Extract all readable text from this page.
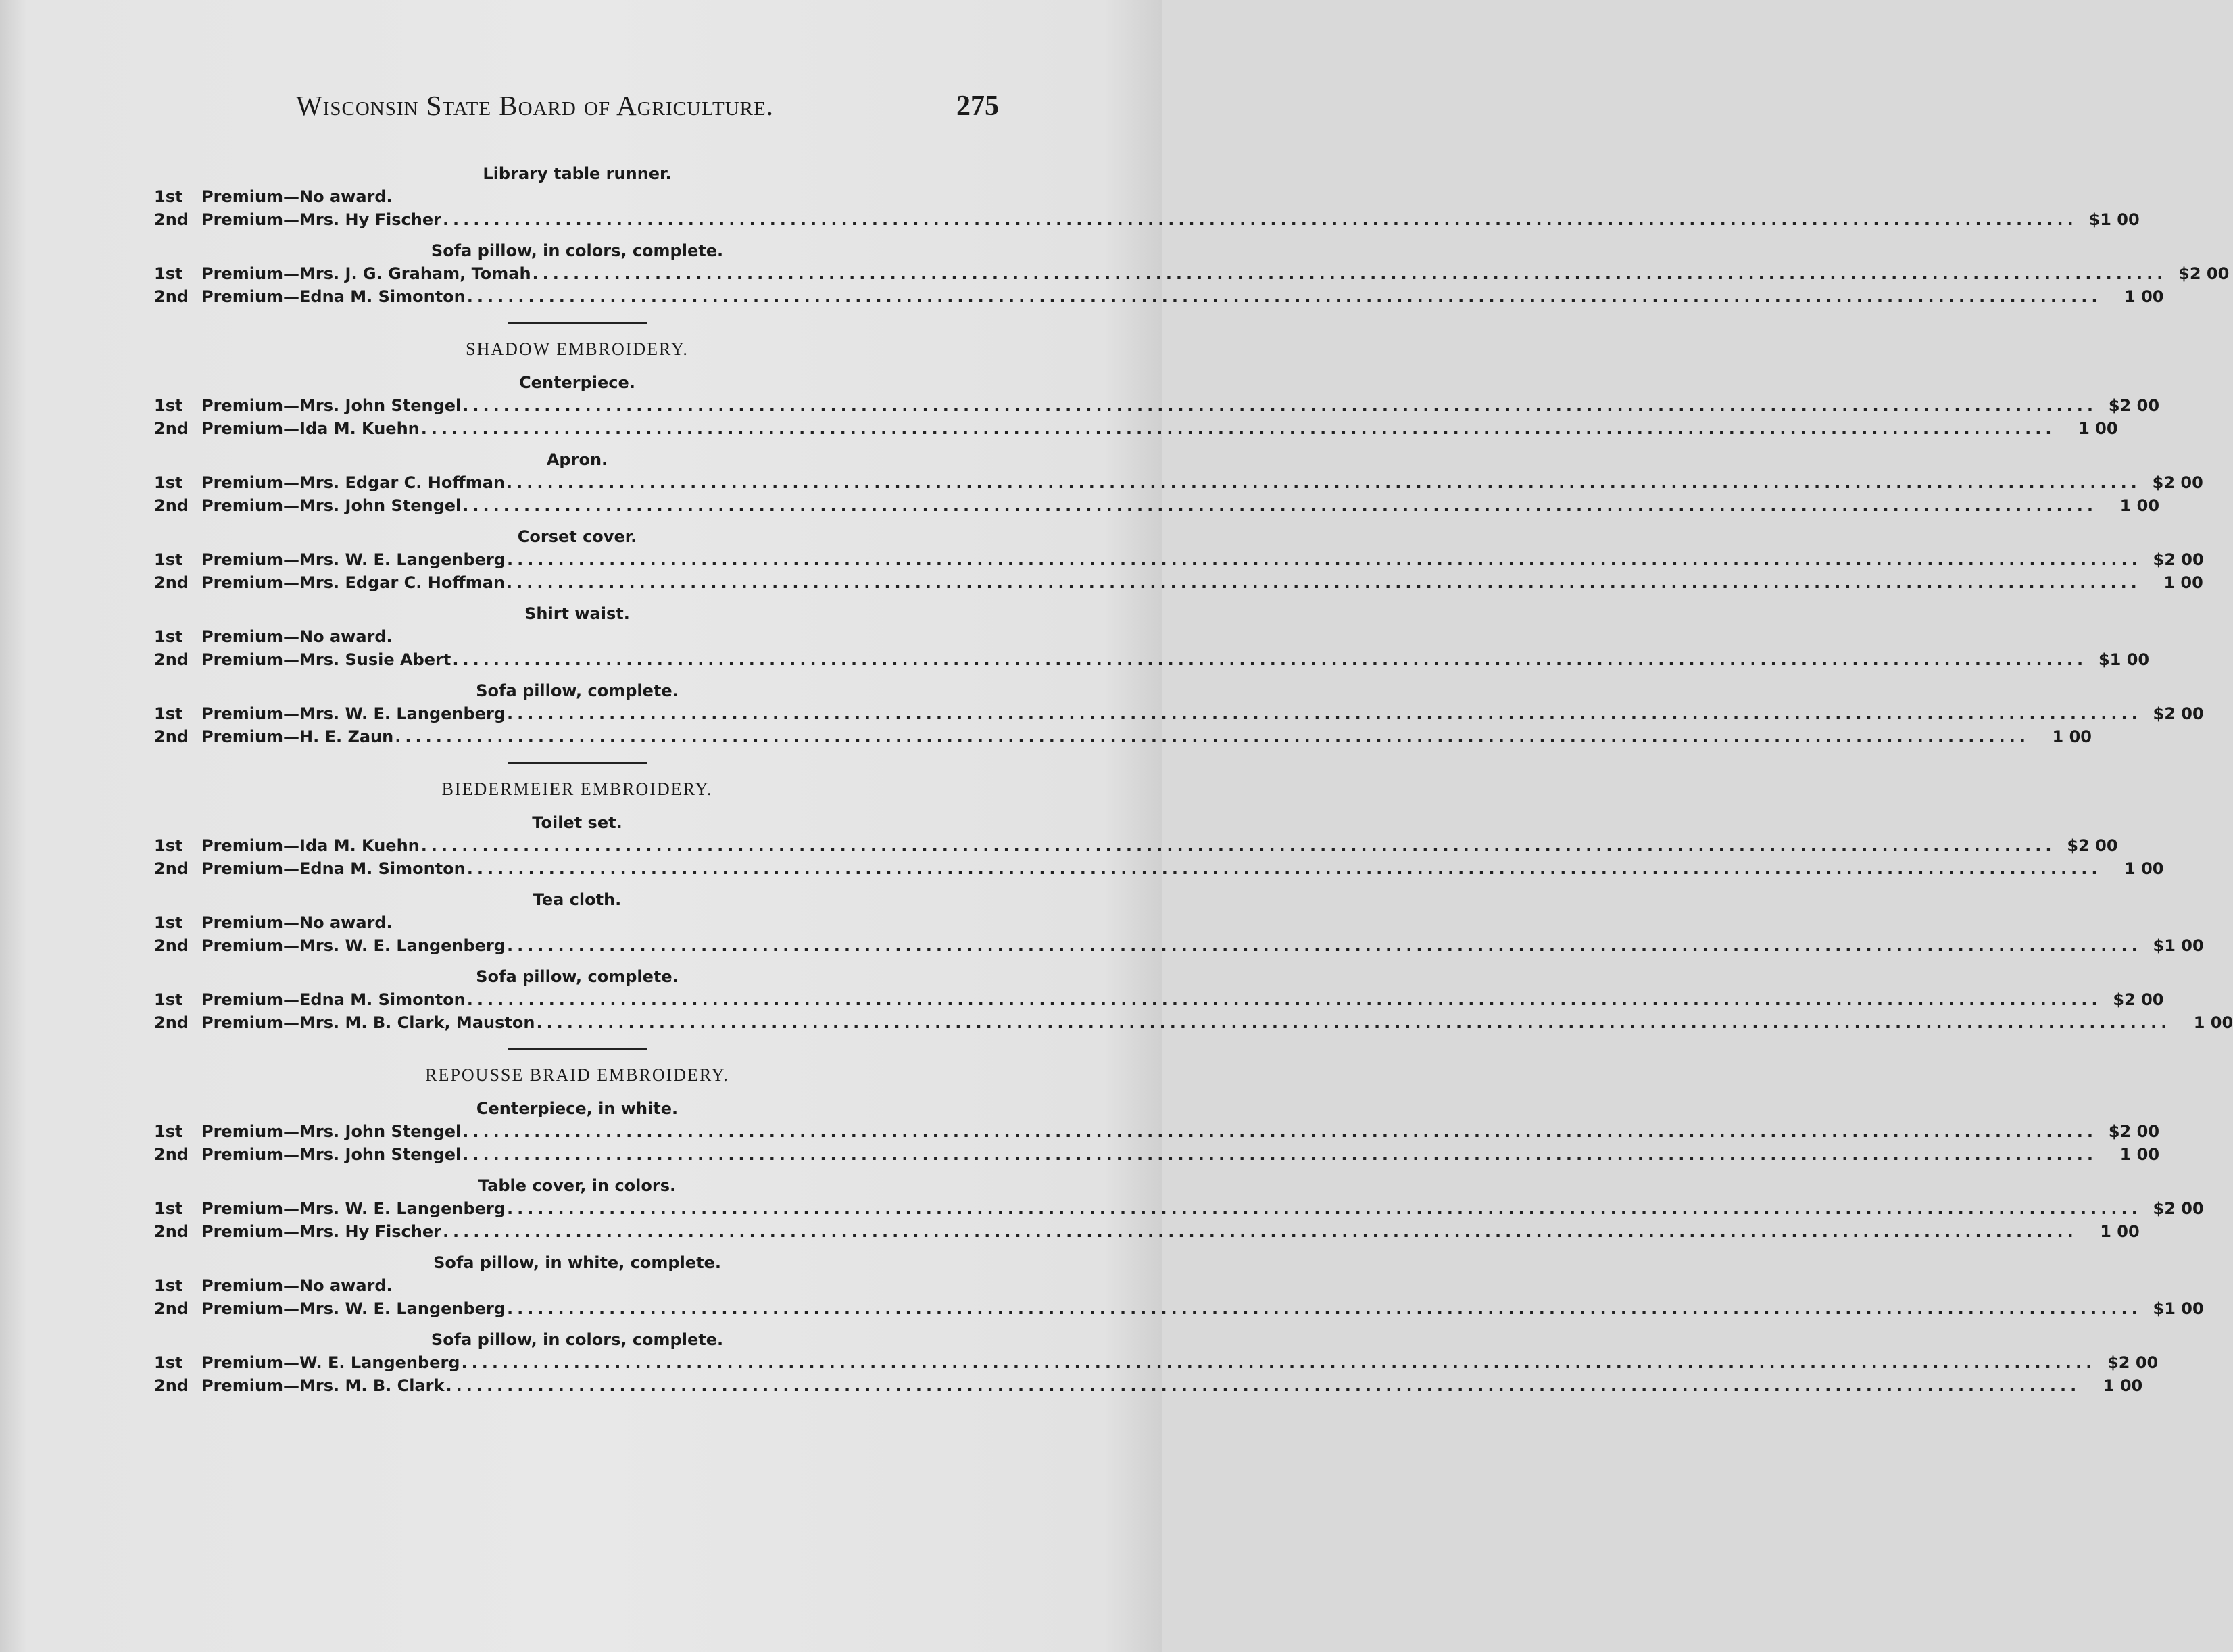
Wisconsin State Board of Agriculture.	275
Library table runner.
1st	Premium—No award.
2nd Premium—Mrs. Hy Fischer ................................................................................................................................................................ $1 00
Sofa pillow, in colors, complete.
1st	Premium—Mrs. J. G. Graham, Tomah ................................................................................................................................................................ $2 00
2nd Premium—Edna M. Simonton ................................................................................................................................................................	1 00
SHADOW EMBROIDERY.
Centerpiece.
1st	Premium—Mrs. John Stengel ................................................................................................................................................................ $2 00
2nd Premium—Ida M. Kuehn ................................................................................................................................................................	1 00
Apron.
1st	Premium—Mrs. Edgar C. Hoffman ................................................................................................................................................................ $2 00
2nd Premium—Mrs. John Stengel ................................................................................................................................................................	1 00
Corset cover.
1st	Premium—Mrs. W. E. Langenberg ................................................................................................................................................................ $2 00
2nd Premium—Mrs. Edgar C. Hoffman ................................................................................................................................................................	1 00
Shirt waist.
1st	Premium—No award.
2nd Premium—Mrs. Susie Abert ................................................................................................................................................................ $1 00
Sofa pillow, complete.
1st	Premium—Mrs. W. E. Langenberg ................................................................................................................................................................ $2 00
2nd Premium—H. E. Zaun ................................................................................................................................................................	1 00
BIEDERMEIER EMBROIDERY.
Toilet set.
1st	Premium—Ida M. Kuehn ................................................................................................................................................................ $2 00
2nd Premium—Edna M. Simonton ................................................................................................................................................................	1 00
Tea cloth.
1st	Premium—No award.
2nd Premium—Mrs. W. E. Langenberg ................................................................................................................................................................ $1 00
Sofa pillow, complete.
1st	Premium—Edna M. Simonton ................................................................................................................................................................ $2 00
2nd Premium—Mrs. M. B. Clark, Mauston ................................................................................................................................................................	1 00
REPOUSSE BRAID EMBROIDERY.
Centerpiece, in white.
1st	Premium—Mrs. John Stengel ................................................................................................................................................................ $2 00
2nd Premium—Mrs. John Stengel ................................................................................................................................................................	1 00
Table cover, in colors.
1st	Premium—Mrs. W. E. Langenberg ................................................................................................................................................................ $2 00
2nd Premium—Mrs. Hy Fischer ................................................................................................................................................................	1 00
Sofa pillow, in white, complete.
1st	Premium—No award.
2nd Premium—Mrs. W. E. Langenberg ................................................................................................................................................................ $1 00
Sofa pillow, in colors, complete.
1st	Premium—W. E. Langenberg ................................................................................................................................................................ $2 00
2nd Premium—Mrs. M. B. Clark ................................................................................................................................................................	1 00
